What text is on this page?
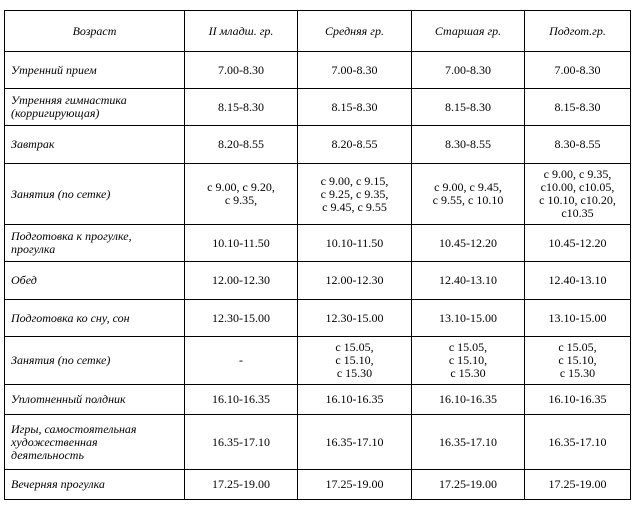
Возраст	II младш. гр.	Средняя гр.	Старшая гр.	Подгот.гр.
Утренний прием	7.00-8.30	7.00-8.30	7.00-8.30	7.00-8.30
Утренняя гимнастика
(корригирующая)	8.15-8.30	8.15-8.30	8.15-8.30	8.15-8.30
Завтрак	8.20-8.55	8.20-8.55	8.30-8.55	8.30-8.55
Занятия (по сетке)	с 9.00, с 9.20,
с 9.35,	с 9.00, с 9.15,
с 9.25, с 9.35,
с 9.45, с 9.55	с 9.00, с 9.45,
с 9.55, с 10.10	с 9.00, с 9.35,
с10.00, с10.05,
с 10.10, с10.20,
с10.35
Подготовка к прогулке,
прогулка	10.10-11.50	10.10-11.50	10.45-12.20	10.45-12.20
Обед	12.00-12.30	12.00-12.30	12.40-13.10	12.40-13.10
Подготовка ко сну, сон	12.30-15.00	12.30-15.00	13.10-15.00	13.10-15.00
Занятия (по сетке)	-	с 15.05,
с 15.10,
с 15.30	с 15.05,
с 15.10,
с 15.30	с 15.05,
с 15.10,
с 15.30
Уплотненный полдник	16.10-16.35	16.10-16.35	16.10-16.35	16.10-16.35
Игры, самостоятельная
художественная
деятельность	16.35-17.10	16.35-17.10	16.35-17.10	16.35-17.10
Вечерняя прогулка	17.25-19.00	17.25-19.00	17.25-19.00	17.25-19.00
